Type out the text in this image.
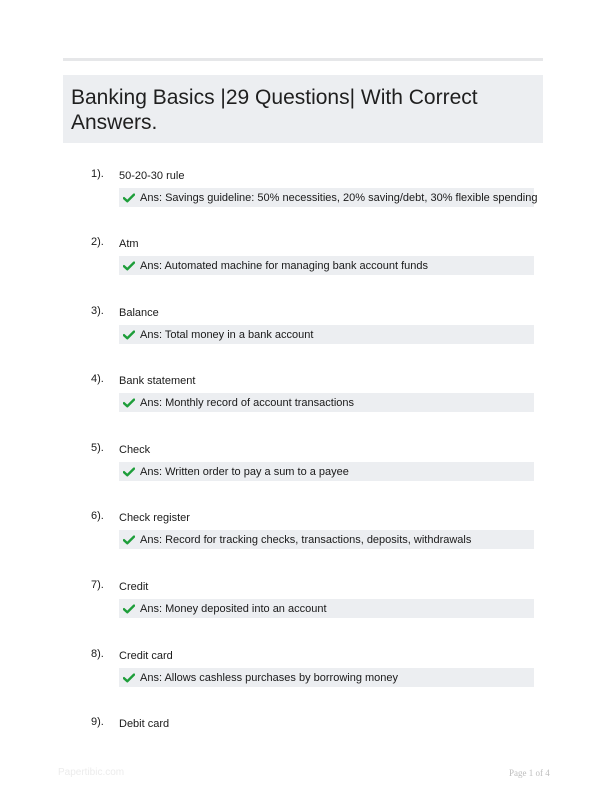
Banking Basics |29 Questions| With Correct Answers.
1). 50-20-30 rule
Ans: Savings guideline: 50% necessities, 20% saving/debt, 30% flexible spending
2). Atm
Ans: Automated machine for managing bank account funds
3). Balance
Ans: Total money in a bank account
4). Bank statement
Ans: Monthly record of account transactions
5). Check
Ans: Written order to pay a sum to a payee
6). Check register
Ans: Record for tracking checks, transactions, deposits, withdrawals
7). Credit
Ans: Money deposited into an account
8). Credit card
Ans: Allows cashless purchases by borrowing money
9). Debit card
Papertibic.com	Page 1 of 4
